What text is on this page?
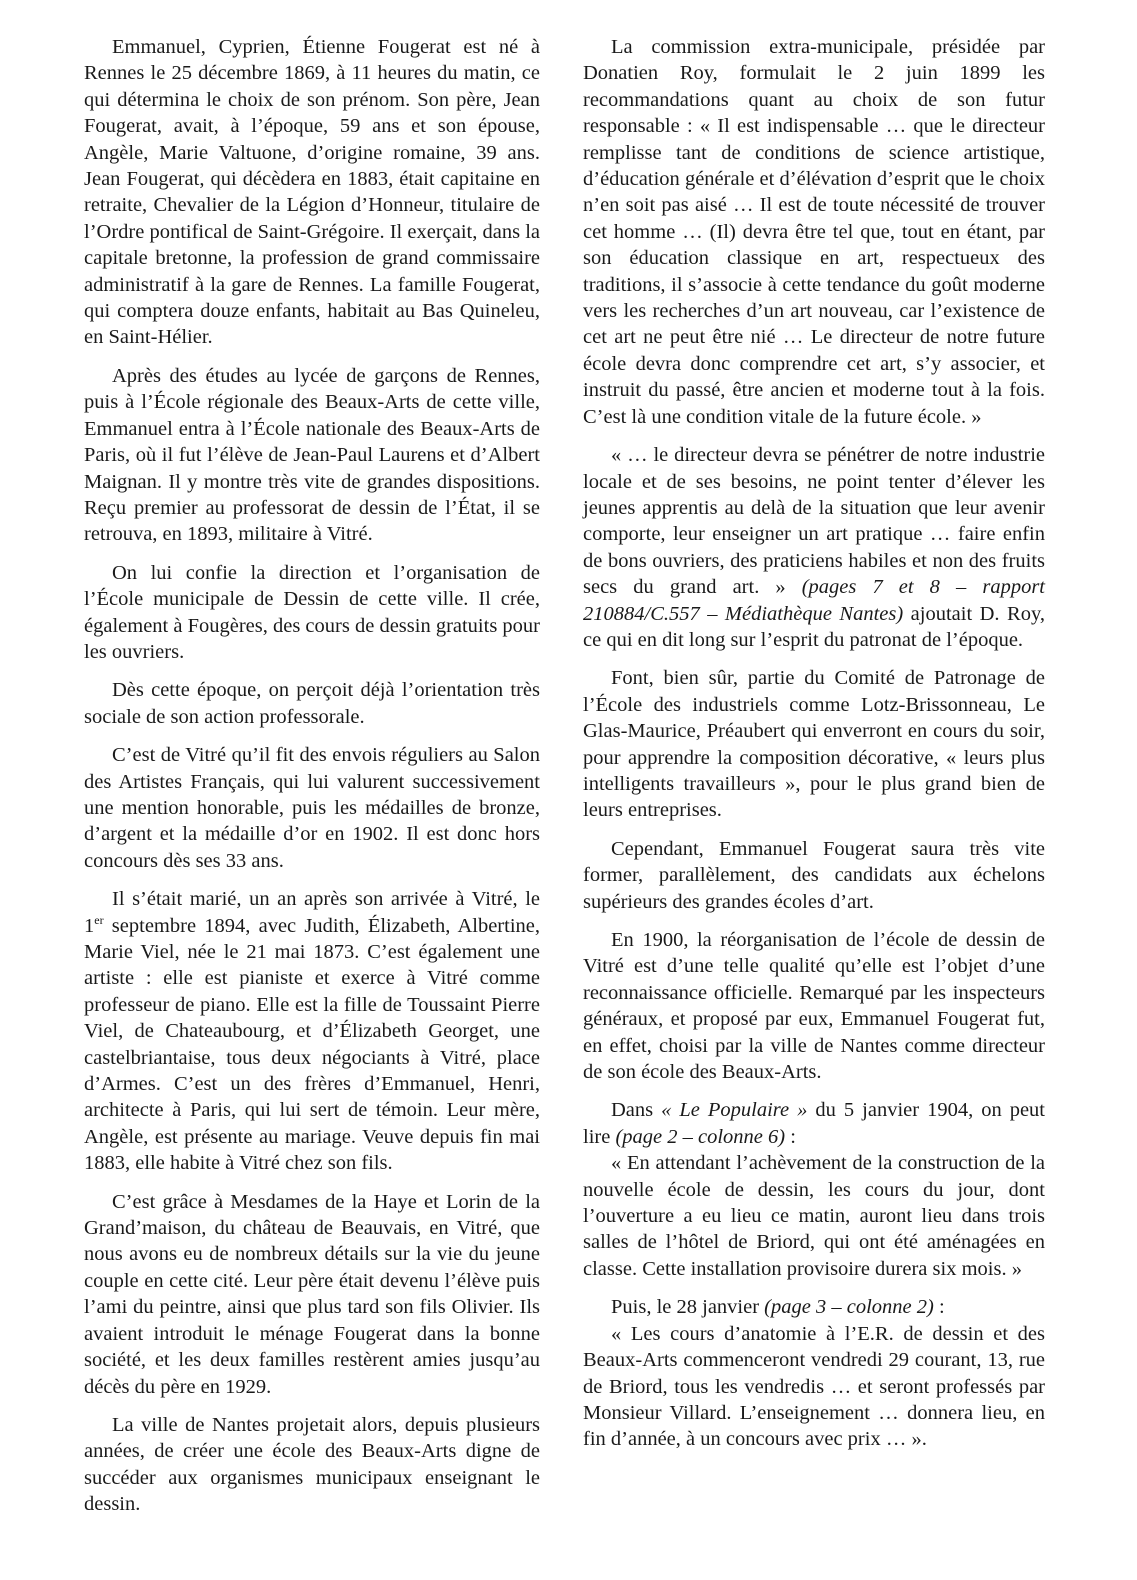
Emmanuel, Cyprien, Étienne Fougerat est né à Rennes le 25 décembre 1869, à 11 heures du matin, ce qui détermina le choix de son prénom. Son père, Jean Fougerat, avait, à l’époque, 59 ans et son épouse, Angèle, Marie Valtuone, d’origine romaine, 39 ans. Jean Fougerat, qui décèdera en 1883, était capitaine en retraite, Chevalier de la Légion d’Honneur, titulaire de l’Ordre pontifical de Saint-Grégoire. Il exerçait, dans la capitale bretonne, la profession de grand commissaire administratif à la gare de Rennes. La famille Fougerat, qui comptera douze enfants, habitait au Bas Quineleu, en Saint-Hélier.

Après des études au lycée de garçons de Rennes, puis à l’École régionale des Beaux-Arts de cette ville, Emmanuel entra à l’École nationale des Beaux-Arts de Paris, où il fut l’élève de Jean-Paul Laurens et d’Albert Maignan. Il y montre très vite de grandes dispositions. Reçu premier au professorat de dessin de l’État, il se retrouva, en 1893, militaire à Vitré.

On lui confie la direction et l’organisation de l’École municipale de Dessin de cette ville. Il crée, également à Fougères, des cours de dessin gratuits pour les ouvriers.

Dès cette époque, on perçoit déjà l’orientation très sociale de son action professorale.

C’est de Vitré qu’il fit des envois réguliers au Salon des Artistes Français, qui lui valurent successivement une mention honorable, puis les médailles de bronze, d’argent et la médaille d’or en 1902. Il est donc hors concours dès ses 33 ans.

Il s’était marié, un an après son arrivée à Vitré, le 1er septembre 1894, avec Judith, Élizabeth, Albertine, Marie Viel, née le 21 mai 1873. C’est également une artiste : elle est pianiste et exerce à Vitré comme professeur de piano. Elle est la fille de Toussaint Pierre Viel, de Chateaubourg, et d’Élizabeth Georget, une castelbriantaise, tous deux négociants à Vitré, place d’Armes. C’est un des frères d’Emmanuel, Henri, architecte à Paris, qui lui sert de témoin. Leur mère, Angèle, est présente au mariage. Veuve depuis fin mai 1883, elle habite à Vitré chez son fils.

C’est grâce à Mesdames de la Haye et Lorin de la Grand’maison, du château de Beauvais, en Vitré, que nous avons eu de nombreux détails sur la vie du jeune couple en cette cité. Leur père était devenu l’élève puis l’ami du peintre, ainsi que plus tard son fils Olivier. Ils avaient introduit le ménage Fougerat dans la bonne société, et les deux familles restèrent amies jusqu’au décès du père en 1929.

La ville de Nantes projetait alors, depuis plusieurs années, de créer une école des Beaux-Arts digne de succéder aux organismes municipaux enseignant le dessin.

La commission extra-municipale, présidée par Donatien Roy, formulait le 2 juin 1899 les recommandations quant au choix de son futur responsable : « Il est indispensable … que le directeur remplisse tant de conditions de science artistique, d’éducation générale et d’élévation d’esprit que le choix n’en soit pas aisé … Il est de toute nécessité de trouver cet homme … (Il) devra être tel que, tout en étant, par son éducation classique en art, respectueux des traditions, il s’associe à cette tendance du goût moderne vers les recherches d’un art nouveau, car l’existence de cet art ne peut être nié … Le directeur de notre future école devra donc comprendre cet art, s’y associer, et instruit du passé, être ancien et moderne tout à la fois. C’est là une condition vitale de la future école. »

« … le directeur devra se pénétrer de notre industrie locale et de ses besoins, ne point tenter d’élever les jeunes apprentis au delà de la situation que leur avenir comporte, leur enseigner un art pratique … faire enfin de bons ouvriers, des praticiens habiles et non des fruits secs du grand art. » (pages 7 et 8 – rapport 210884/C.557 – Médiathèque Nantes) ajoutait D. Roy, ce qui en dit long sur l’esprit du patronat de l’époque.

Font, bien sûr, partie du Comité de Patronage de l’École des industriels comme Lotz-Brissonneau, Le Glas-Maurice, Préaubert qui enverront en cours du soir, pour apprendre la composition décorative, « leurs plus intelligents travailleurs », pour le plus grand bien de leurs entreprises.

Cependant, Emmanuel Fougerat saura très vite former, parallèlement, des candidats aux échelons supérieurs des grandes écoles d’art.

En 1900, la réorganisation de l’école de dessin de Vitré est d’une telle qualité qu’elle est l’objet d’une reconnaissance officielle. Remarqué par les inspecteurs généraux, et proposé par eux, Emmanuel Fougerat fut, en effet, choisi par la ville de Nantes comme directeur de son école des Beaux-Arts.

Dans « Le Populaire » du 5 janvier 1904, on peut lire (page 2 – colonne 6) :

« En attendant l’achèvement de la construction de la nouvelle école de dessin, les cours du jour, dont l’ouverture a eu lieu ce matin, auront lieu dans trois salles de l’hôtel de Briord, qui ont été aménagées en classe. Cette installation provisoire durera six mois. »

Puis, le 28 janvier (page 3 – colonne 2) :

« Les cours d’anatomie à l’E.R. de dessin et des Beaux-Arts commenceront vendredi 29 courant, 13, rue de Briord, tous les vendredis … et seront professés par Monsieur Villard. L’enseignement … donnera lieu, en fin d’année, à un concours avec prix … ».
